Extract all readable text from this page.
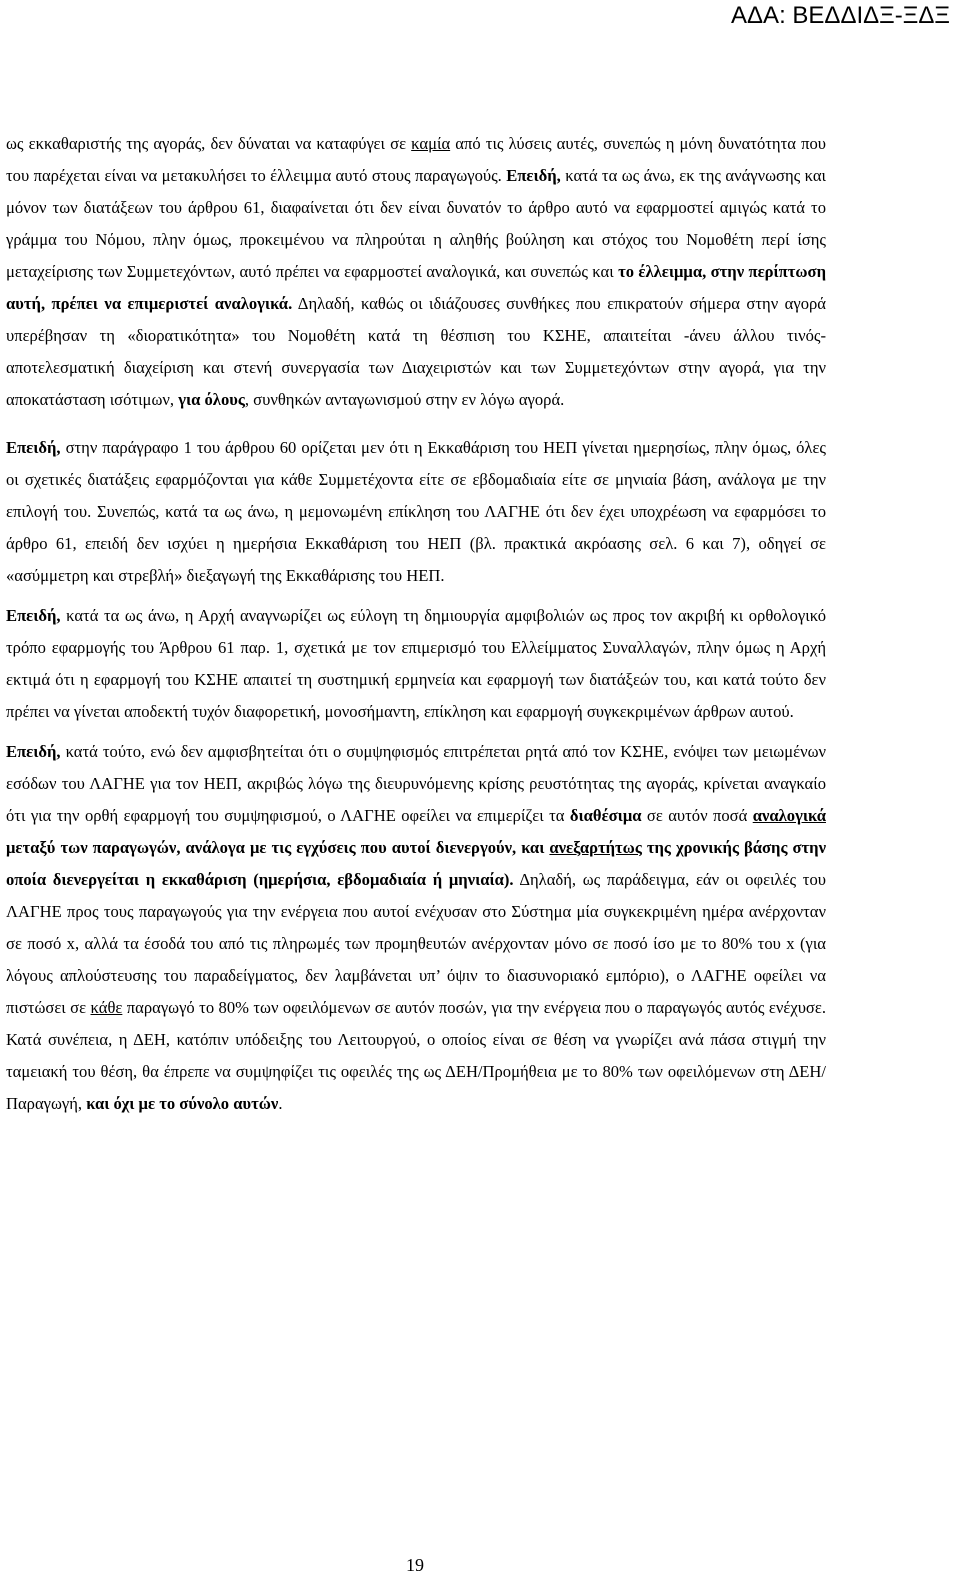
ΑΔΑ: ΒΕΔΔΙΔΞ-ΞΔΞ

ως εκκαθαριστής της αγοράς, δεν δύναται να καταφύγει σε καμία από τις λύσεις αυτές, συνεπώς η μόνη δυνατότητα που του παρέχεται είναι να μετακυλήσει το έλλειμμα αυτό στους παραγωγούς. Επειδή, κατά τα ως άνω, εκ της ανάγνωσης και μόνον των διατάξεων του άρθρου 61, διαφαίνεται ότι δεν είναι δυνατόν το άρθρο αυτό να εφαρμοστεί αμιγώς κατά το γράμμα του Νόμου, πλην όμως, προκειμένου να πληρούται η αληθής βούληση και στόχος του Νομοθέτη περί ίσης μεταχείρισης των Συμμετεχόντων, αυτό πρέπει να εφαρμοστεί αναλογικά, και συνεπώς και το έλλειμμα, στην περίπτωση αυτή, πρέπει να επιμεριστεί αναλογικά. Δηλαδή, καθώς οι ιδιάζουσες συνθήκες που επικρατούν σήμερα στην αγορά υπερέβησαν τη «διορατικότητα» του Νομοθέτη κατά τη θέσπιση του ΚΣΗΕ, απαιτείται -άνευ άλλου τινός- αποτελεσματική διαχείριση και στενή συνεργασία των Διαχειριστών και των Συμμετεχόντων στην αγορά, για την αποκατάσταση ισότιμων, για όλους, συνθηκών ανταγωνισμού στην εν λόγω αγορά.

Επειδή, στην παράγραφο 1 του άρθρου 60 ορίζεται μεν ότι η Εκκαθάριση του ΗΕΠ γίνεται ημερησίως, πλην όμως, όλες οι σχετικές διατάξεις εφαρμόζονται για κάθε Συμμετέχοντα είτε σε εβδομαδιαία είτε σε μηνιαία βάση, ανάλογα με την επιλογή του. Συνεπώς, κατά τα ως άνω, η μεμονωμένη επίκληση του ΛΑΓΗΕ ότι δεν έχει υποχρέωση να εφαρμόσει το άρθρο 61, επειδή δεν ισχύει η ημερήσια Εκκαθάριση του ΗΕΠ (βλ. πρακτικά ακρόασης σελ. 6 και 7), οδηγεί σε «ασύμμετρη και στρεβλή» διεξαγωγή της Εκκαθάρισης του ΗΕΠ.

Επειδή, κατά τα ως άνω, η Αρχή αναγνωρίζει ως εύλογη τη δημιουργία αμφιβολιών ως προς τον ακριβή κι ορθολογικό τρόπο εφαρμογής του Άρθρου 61 παρ. 1, σχετικά με τον επιμερισμό του Ελλείμματος Συναλλαγών, πλην όμως η Αρχή εκτιμά ότι η εφαρμογή του ΚΣΗΕ απαιτεί τη συστημική ερμηνεία και εφαρμογή των διατάξεών του, και κατά τούτο δεν πρέπει να γίνεται αποδεκτή τυχόν διαφορετική, μονοσήμαντη, επίκληση και εφαρμογή συγκεκριμένων άρθρων αυτού.

Επειδή, κατά τούτο, ενώ δεν αμφισβητείται ότι ο συμψηφισμός επιτρέπεται ρητά από τον ΚΣΗΕ, ενόψει των μειωμένων εσόδων του ΛΑΓΗΕ για τον ΗΕΠ, ακριβώς λόγω της διευρυνόμενης κρίσης ρευστότητας της αγοράς, κρίνεται αναγκαίο ότι για την ορθή εφαρμογή του συμψηφισμού, ο ΛΑΓΗΕ οφείλει να επιμερίζει τα διαθέσιμα σε αυτόν ποσά αναλογικά μεταξύ των παραγωγών, ανάλογα με τις εγχύσεις που αυτοί διενεργούν, και ανεξαρτήτως της χρονικής βάσης στην οποία διενεργείται η εκκαθάριση (ημερήσια, εβδομαδιαία ή μηνιαία). Δηλαδή, ως παράδειγμα, εάν οι οφειλές του ΛΑΓΗΕ προς τους παραγωγούς για την ενέργεια που αυτοί ενέχυσαν στο Σύστημα μία συγκεκριμένη ημέρα ανέρχονταν σε ποσό x, αλλά τα έσοδά του από τις πληρωμές των προμηθευτών ανέρχονταν μόνο σε ποσό ίσο με το 80% του x (για λόγους απλούστευσης του παραδείγματος, δεν λαμβάνεται υπ’ όψιν το διασυνοριακό εμπόριο), ο ΛΑΓΗΕ οφείλει να πιστώσει σε κάθε παραγωγό το 80% των οφειλόμενων σε αυτόν ποσών, για την ενέργεια που ο παραγωγός αυτός ενέχυσε. Κατά συνέπεια, η ΔΕΗ, κατόπιν υπόδειξης του Λειτουργού, ο οποίος είναι σε θέση να γνωρίζει ανά πάσα στιγμή την ταμειακή του θέση, θα έπρεπε να συμψηφίζει τις οφειλές της ως ΔΕΗ/Προμήθεια με το 80% των οφειλόμενων στη ΔΕΗ/Παραγωγή, και όχι με το σύνολο αυτών.

19
